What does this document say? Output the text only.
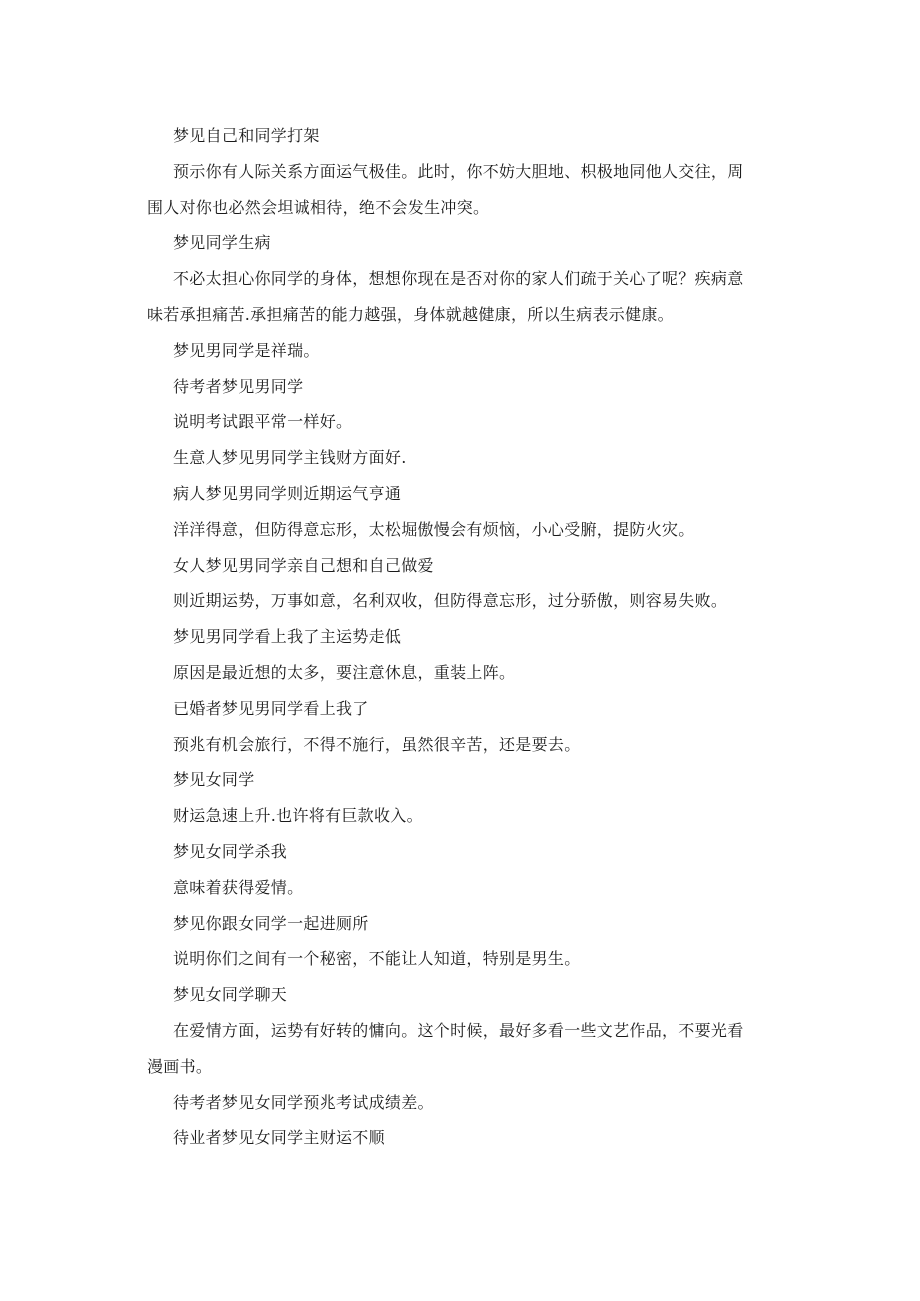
梦见自己和同学打架

预示你有人际关系方面运气极佳。此时，你不妨大胆地、枳极地同他人交往，周
围人对你也必然会坦诚相待，绝不会发生冲突。

梦见同学生病

不必太担心你同学的身体，想想你现在是否对你的家人们疏于关心了呢？疾病意
味若承担痛苦.承担痛苦的能力越强，身体就越健康，所以生病表示健康。

梦见男同学是祥瑞。

待考者梦见男同学

说明考试跟平常一样好。

生意人梦见男同学主钱财方面好.

病人梦见男同学则近期运气亨通

洋洋得意，但防得意忘形，太松堀傲慢会有烦恼，小心受腑，提防火灾。

女人梦见男同学亲自己想和自己做爱

则近期运势，万事如意，名利双收，但防得意忘形，过分骄傲，则容易失败。

梦见男同学看上我了主运势走低

原因是最近想的太多，要注意休息，重装上阵。

已婚者梦见男同学看上我了

预兆有机会旅行，不得不施行，虽然很辛苦，还是要去。

梦见女同学

财运急速上升.也许将有巨款收入。

梦见女同学杀我

意味着获得爱情。

梦见你跟女同学一起进厕所

说明你们之间有一个秘密，不能让人知道，特别是男生。

梦见女同学聊天

在爱情方面，运势有好转的慵向。这个时候，最好多看一些文艺作品，不要光看
漫画书。

待考者梦见女同学预兆考试成绩差。

待业者梦见女同学主财运不顺
